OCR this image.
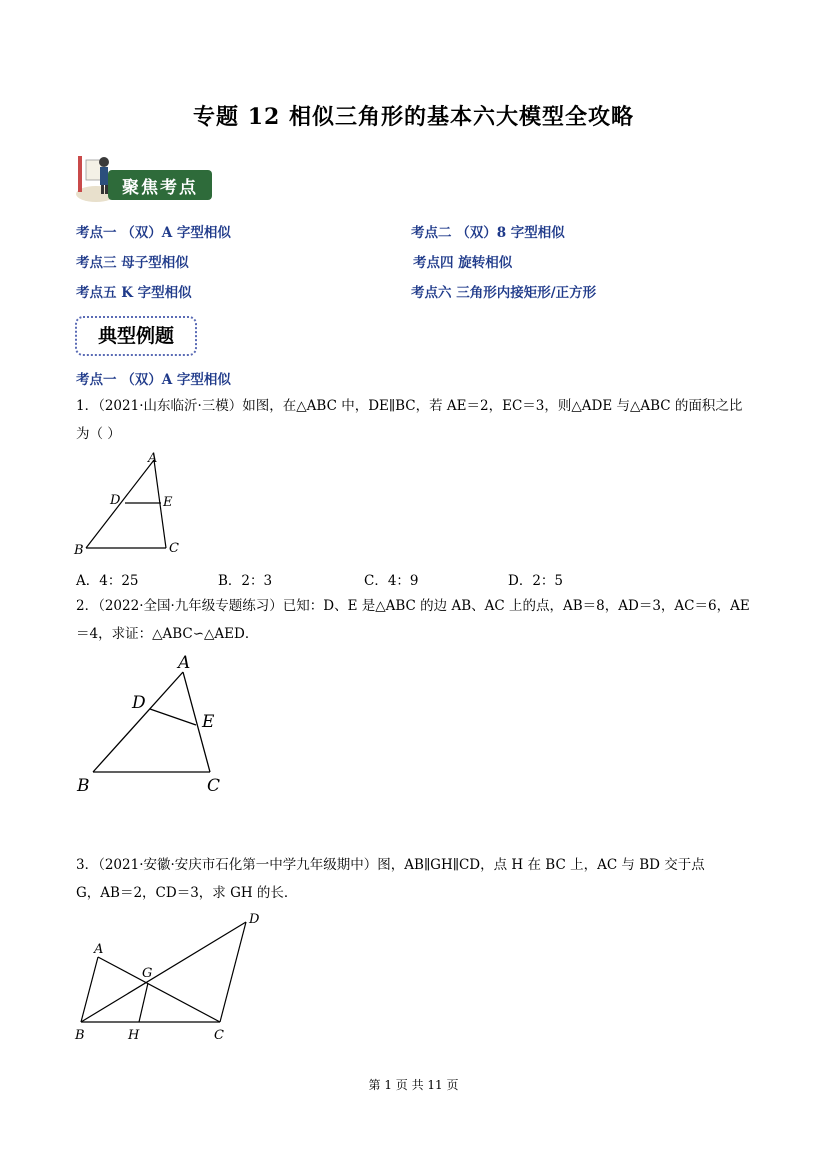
专题 12 相似三角形的基本六大模型全攻略
聚焦考点
考点一 （双）A 字型相似	考点二 （双）8 字型相似
考点三 母子型相似	考点四 旋转相似
考点五 K 字型相似	考点六 三角形内接矩形/正方形
典型例题
考点一 （双）A 字型相似
1．（2021·山东临沂·三模）如图，在△ABC 中，DE∥BC，若 AE＝2，EC＝3，则△ADE 与△ABC 的面积之比
为（ ）
A
B	C
D	E
A．4：25	B．2：3	C．4：9	D．2：5
2．（2022·全国·九年级专题练习）已知：D、E 是△ABC 的边 AB、AC 上的点，AB＝8，AD＝3，AC＝6，AE
＝4，求证：△ABC∽△AED．
A
B	C
D
E
3．（2021·安徽·安庆市石化第一中学九年级期中）图，AB∥GH∥CD，点 H 在 BC 上，AC 与 BD 交于点
G，AB＝2，CD＝3，求 GH 的长．
A
B	C
D
G
H
第 1 页 共 11 页
